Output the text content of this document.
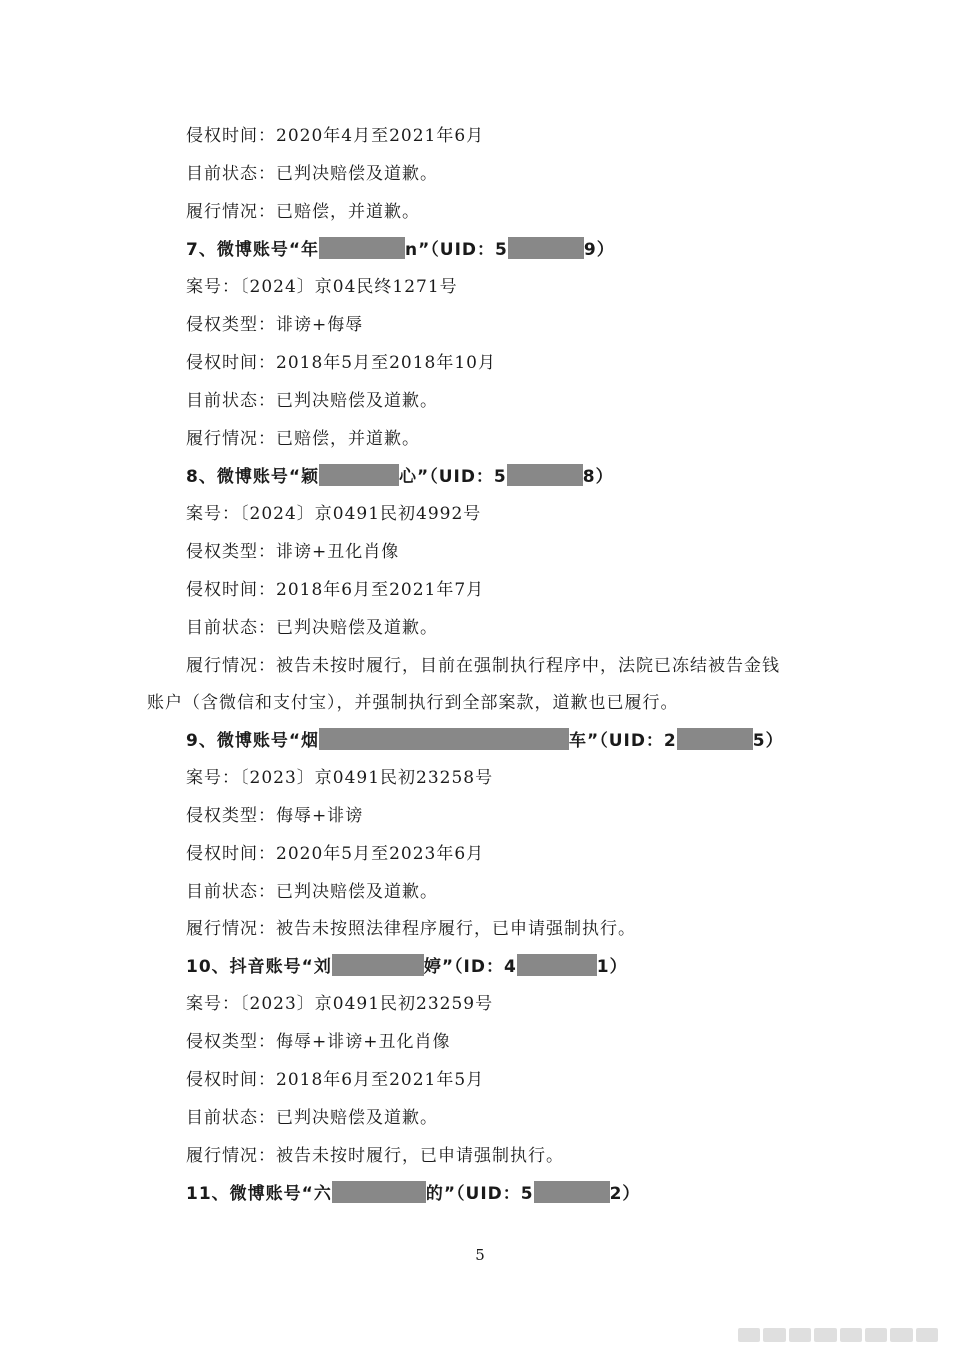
侵权时间：2020年4月至2021年6月
目前状态：已判决赔偿及道歉。
履行情况：已赔偿，并道歉。
7、微博账号“年	n”（UID：5	9）
案号：〔2024〕京04民终1271号
侵权类型：诽谤+侮辱
侵权时间：2018年5月至2018年10月
目前状态：已判决赔偿及道歉。
履行情况：已赔偿，并道歉。
8、微博账号“颖	心”（UID：5	8）
案号：〔2024〕京0491民初4992号
侵权类型：诽谤+丑化肖像
侵权时间：2018年6月至2021年7月
目前状态：已判决赔偿及道歉。
履行情况：被告未按时履行，目前在强制执行程序中，法院已冻结被告金钱
账户（含微信和支付宝），并强制执行到全部案款，道歉也已履行。
9、微博账号“烟	车”（UID：2	5）
案号：〔2023〕京0491民初23258号
侵权类型：侮辱+诽谤
侵权时间：2020年5月至2023年6月
目前状态：已判决赔偿及道歉。
履行情况：被告未按照法律程序履行，已申请强制执行。
10、抖音账号“刘	婷”（ID：4	1）
案号：〔2023〕京0491民初23259号
侵权类型：侮辱+诽谤+丑化肖像
侵权时间：2018年6月至2021年5月
目前状态：已判决赔偿及道歉。
履行情况：被告未按时履行，已申请强制执行。
11、微博账号“六	的”（UID：5	2）
5
